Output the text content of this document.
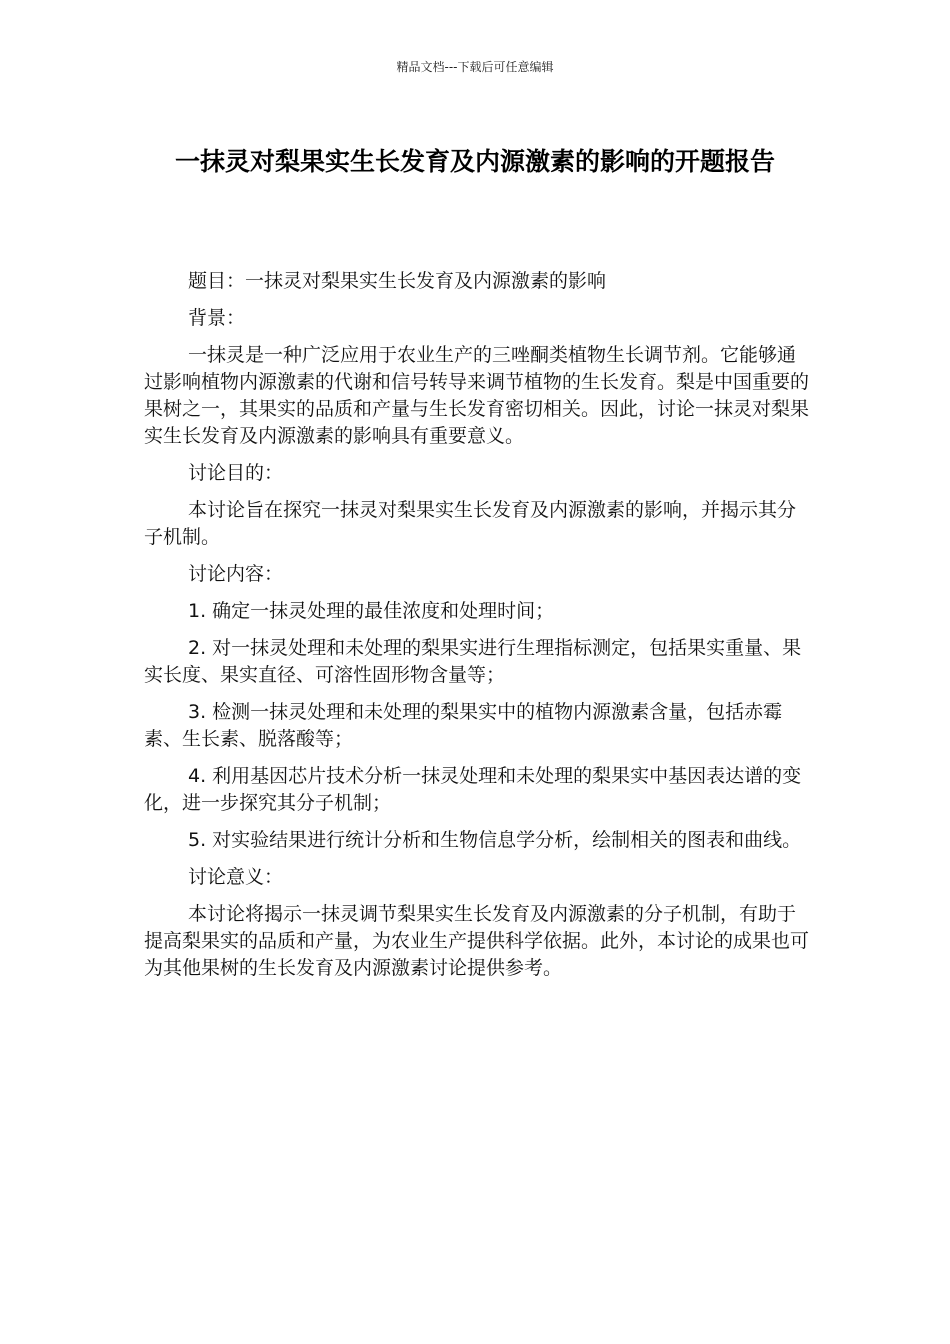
精品文档---下载后可任意编辑
一抹灵对梨果实生长发育及内源激素的影响的开题报告

题目：一抹灵对梨果实生长发育及内源激素的影响

背景：

一抹灵是一种广泛应用于农业生产的三唑酮类植物生长调节剂。它能够通过影响植物内源激素的代谢和信号转导来调节植物的生长发育。梨是中国重要的果树之一，其果实的品质和产量与生长发育密切相关。因此，讨论一抹灵对梨果实生长发育及内源激素的影响具有重要意义。

讨论目的：

本讨论旨在探究一抹灵对梨果实生长发育及内源激素的影响，并揭示其分子机制。

讨论内容：

1. 确定一抹灵处理的最佳浓度和处理时间；

2. 对一抹灵处理和未处理的梨果实进行生理指标测定，包括果实重量、果实长度、果实直径、可溶性固形物含量等；

3. 检测一抹灵处理和未处理的梨果实中的植物内源激素含量，包括赤霉素、生长素、脱落酸等；

4. 利用基因芯片技术分析一抹灵处理和未处理的梨果实中基因表达谱的变化，进一步探究其分子机制；

5. 对实验结果进行统计分析和生物信息学分析，绘制相关的图表和曲线。

讨论意义：

本讨论将揭示一抹灵调节梨果实生长发育及内源激素的分子机制，有助于提高梨果实的品质和产量，为农业生产提供科学依据。此外，本讨论的成果也可为其他果树的生长发育及内源激素讨论提供参考。
